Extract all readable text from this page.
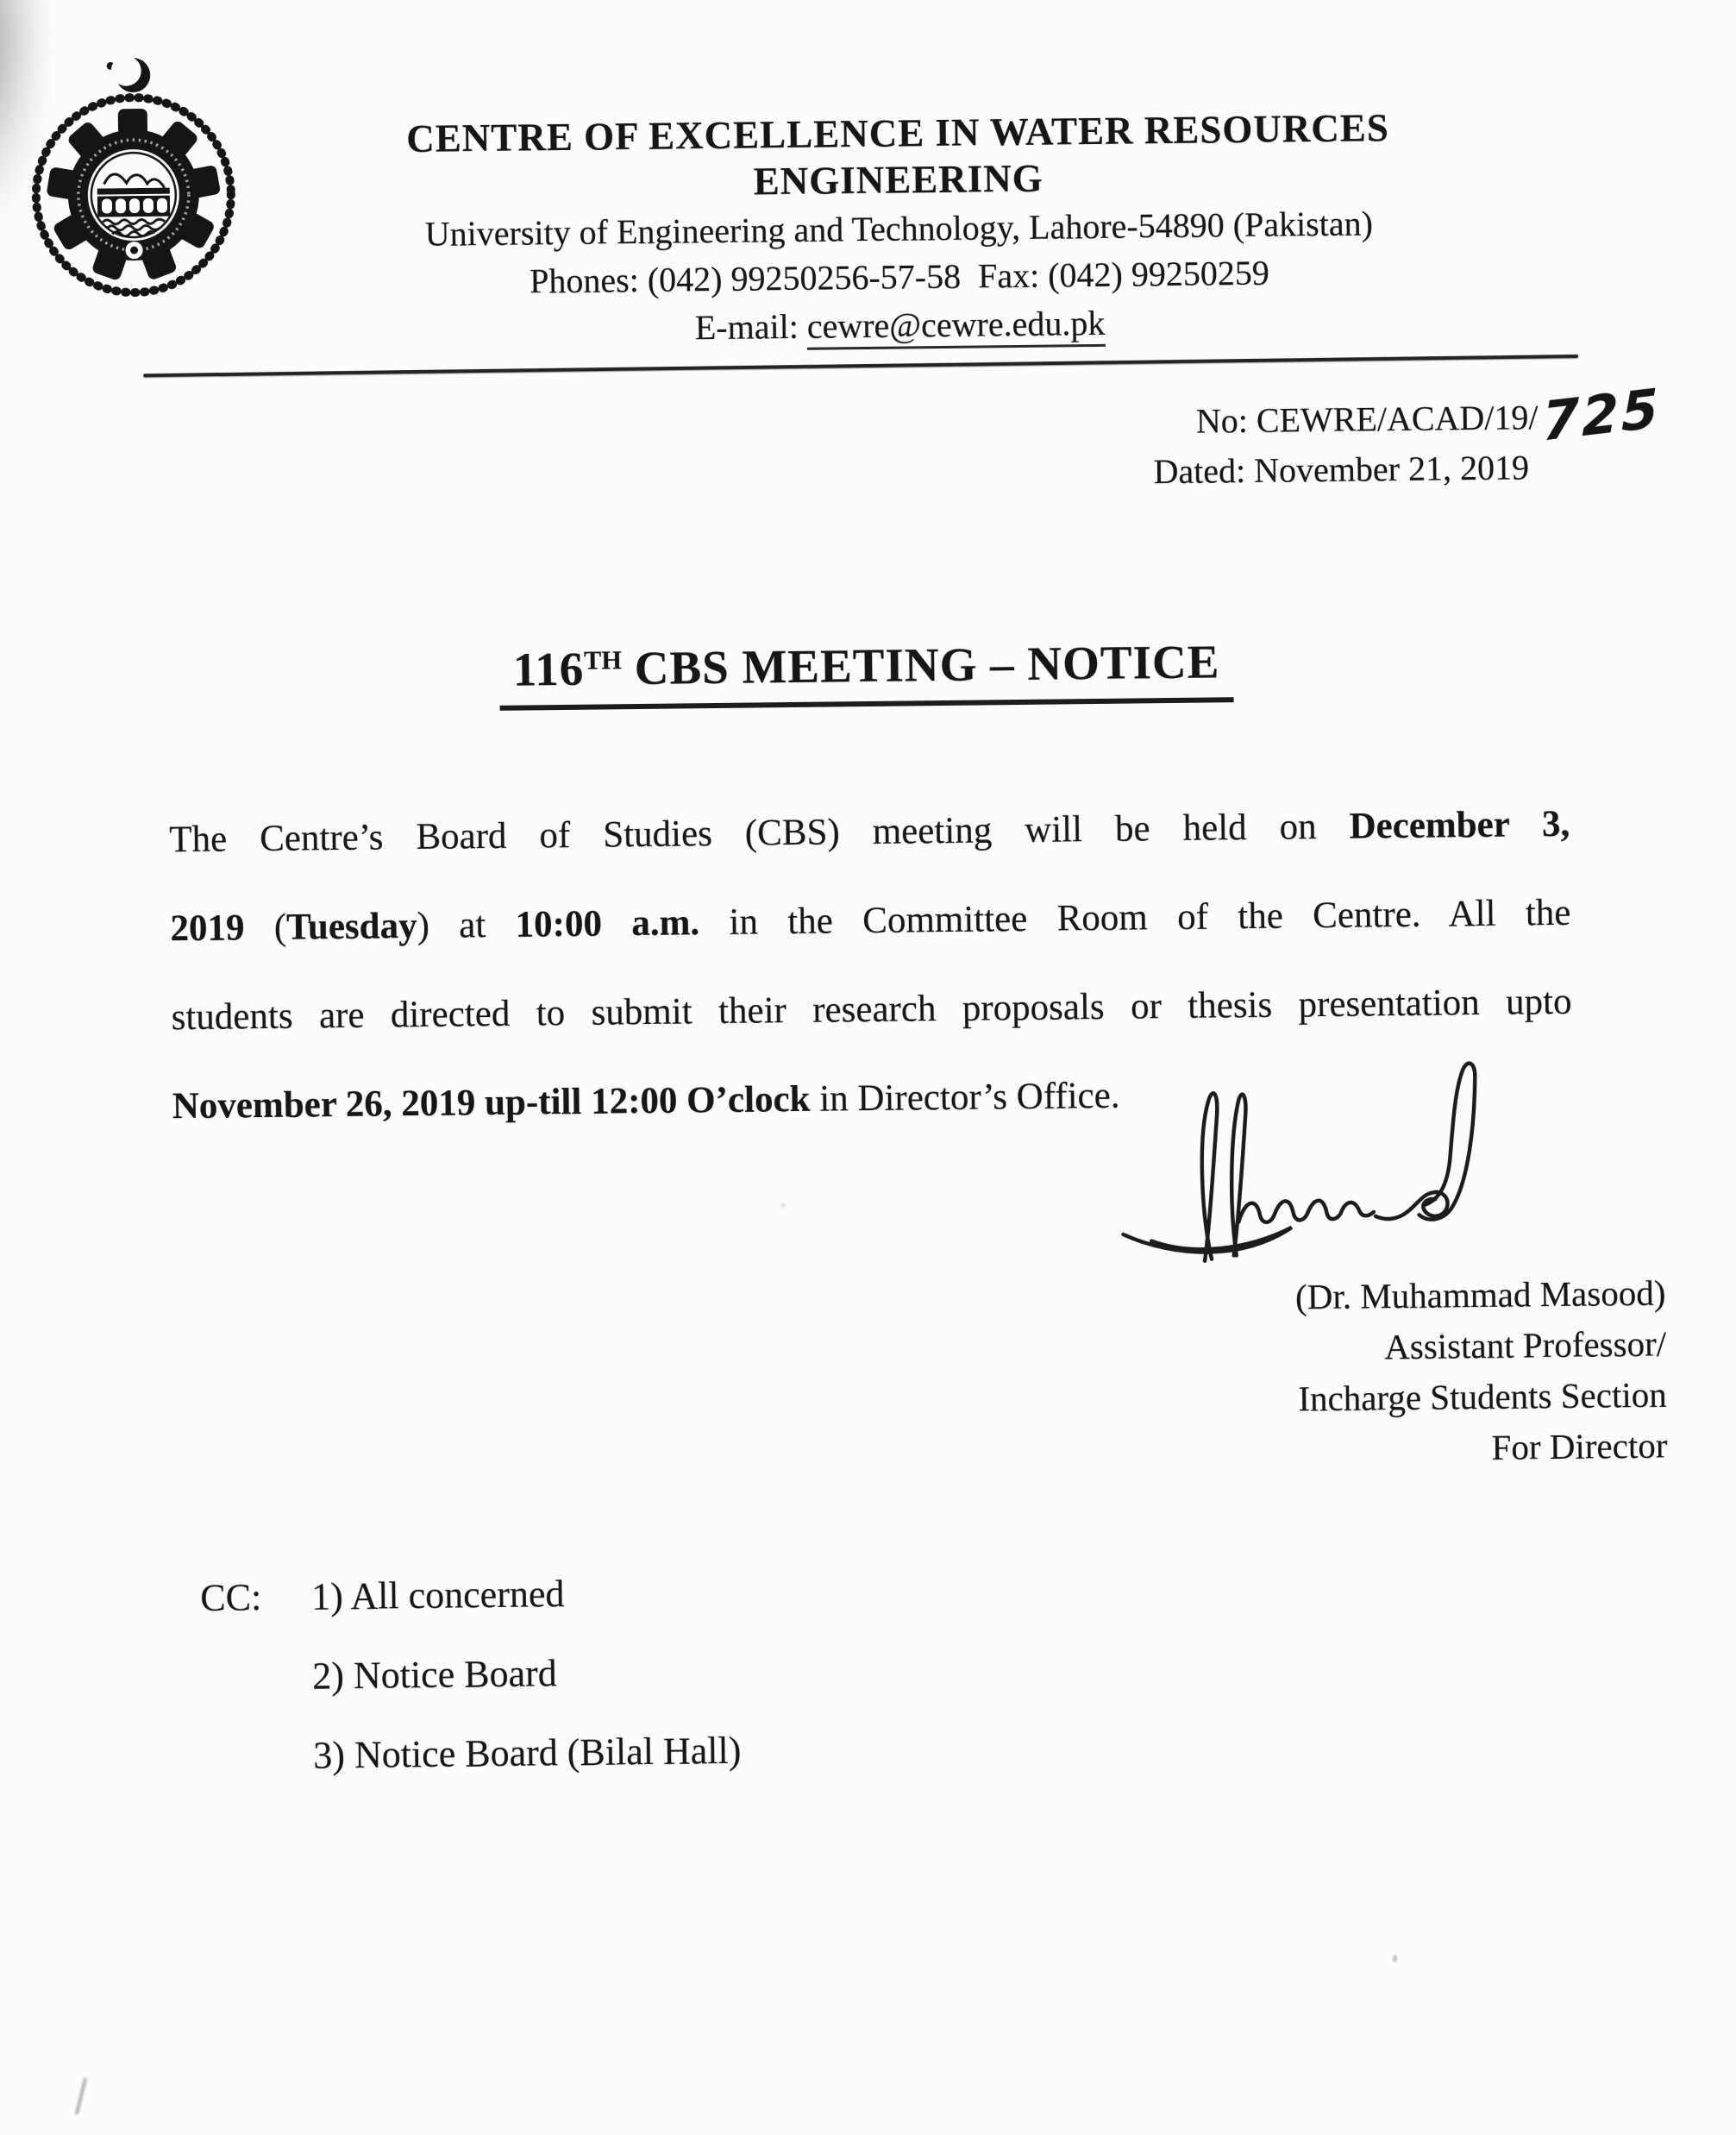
CENTRE OF EXCELLENCE IN WATER RESOURCES ENGINEERING
University of Engineering and Technology, Lahore-54890 (Pakistan)
Phones: (042) 99250256-57-58  Fax: (042) 99250259
E-mail: cewre@cewre.edu.pk
No: CEWRE/ACAD/19/725
Dated: November 21, 2019
116TH CBS MEETING – NOTICE
The Centre’s Board of Studies (CBS) meeting will be held on December 3,
2019 (Tuesday) at 10:00 a.m. in the Committee Room of the Centre. All the
students are directed to submit their research proposals or thesis presentation upto
November 26, 2019 up-till 12:00 O’clock in Director’s Office.
(Dr. Muhammad Masood)
Assistant Professor/
Incharge Students Section
For Director
CC: 1) All concerned
2) Notice Board
3) Notice Board (Bilal Hall)
